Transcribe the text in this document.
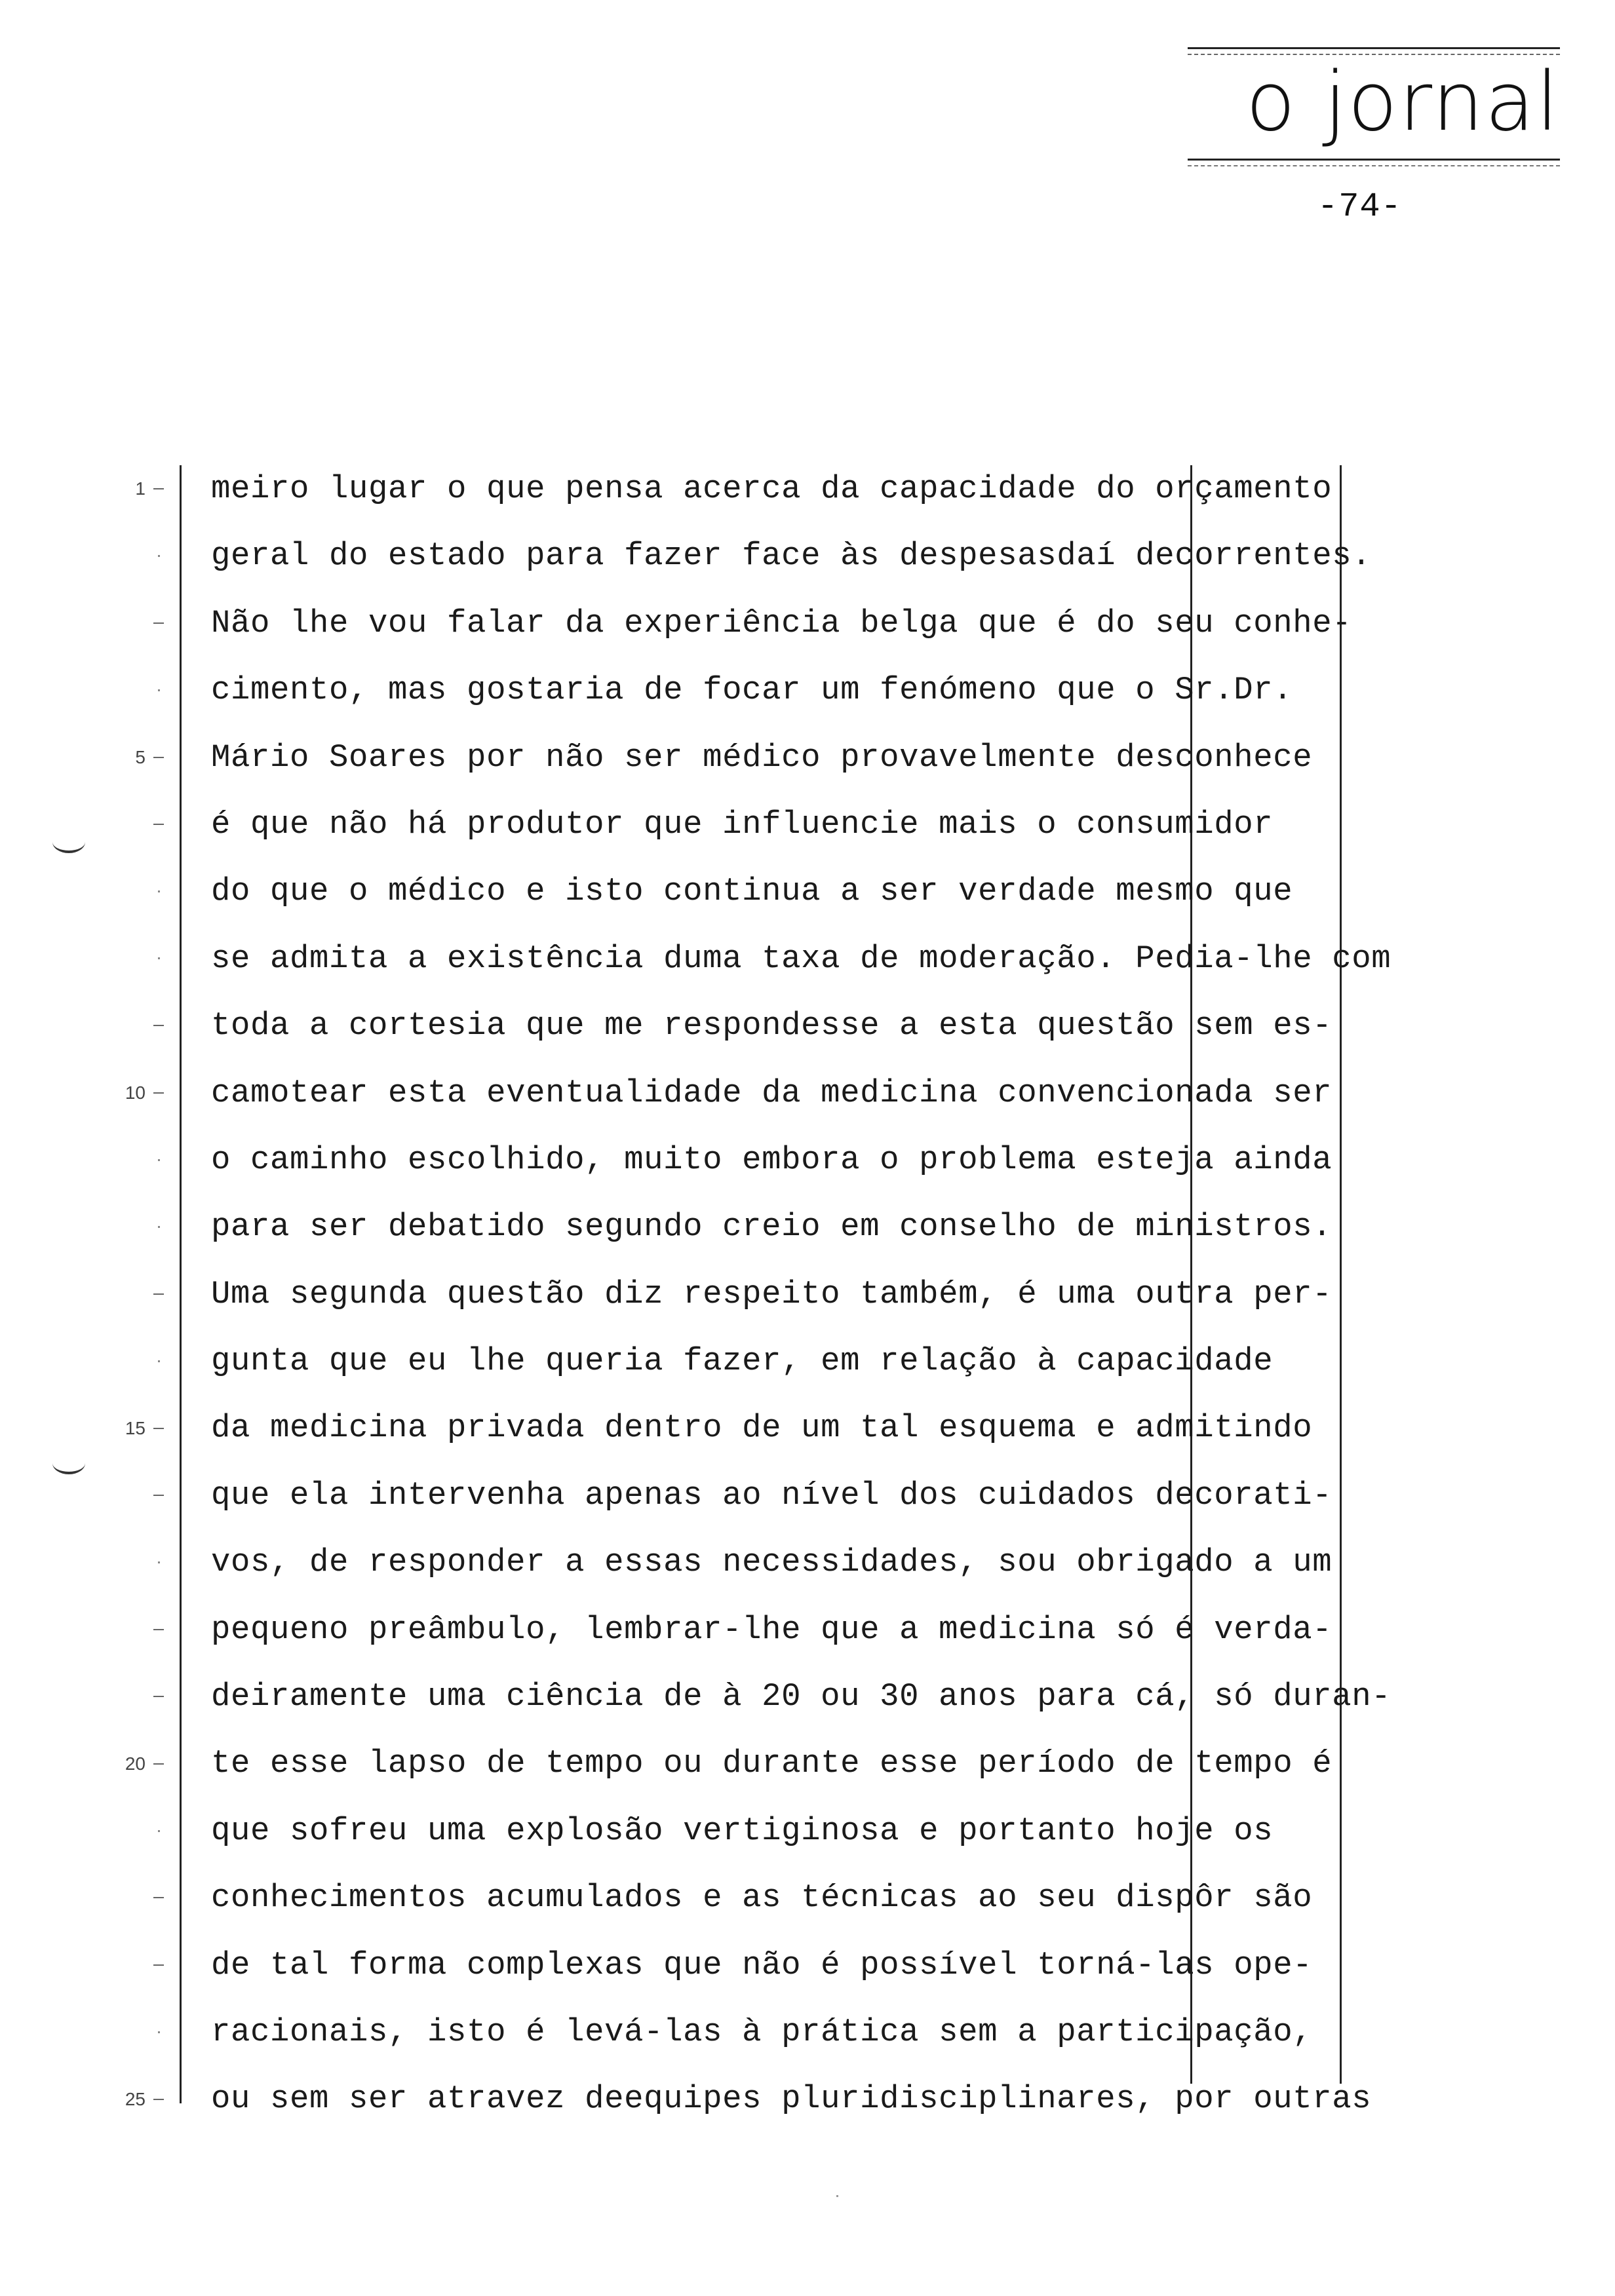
o jornal
-74-
1
5
10
15
20
25
meiro lugar o que pensa acerca da capacidade do orçamento
geral do estado para fazer face às despesasdaí decorrentes.
Não lhe vou falar da experiência belga que é do seu conhe-
cimento, mas gostaria de focar um fenómeno que o Sr.Dr.
Mário Soares por não ser médico provavelmente desconhece
é que não há produtor que influencie mais o consumidor
do que o médico e isto continua a ser verdade mesmo que
se admita a existência duma taxa de moderação. Pedia-lhe com
toda a cortesia que me respondesse a esta questão sem es-
camotear esta eventualidade da medicina convencionada ser
o caminho escolhido, muito embora o problema esteja ainda
para ser debatido segundo creio em conselho de ministros.
Uma segunda questão diz respeito também, é uma outra per-
gunta que eu lhe queria fazer, em relação à capacidade
da medicina privada dentro de um tal esquema e admitindo
que ela intervenha apenas ao nível dos cuidados decorati-
vos, de responder a essas necessidades, sou obrigado a um
pequeno preâmbulo, lembrar-lhe que a medicina só é verda-
deiramente uma ciência de à 20 ou 30 anos para cá, só duran-
te esse lapso de tempo ou durante esse período de tempo é
que sofreu uma explosão vertiginosa e portanto hoje os
conhecimentos acumulados e as técnicas ao seu dispôr são
de tal forma complexas que não é possível torná-las ope-
racionais, isto é levá-las à prática sem a participação,
ou sem ser atravez deequipes pluridisciplinares, por outras
